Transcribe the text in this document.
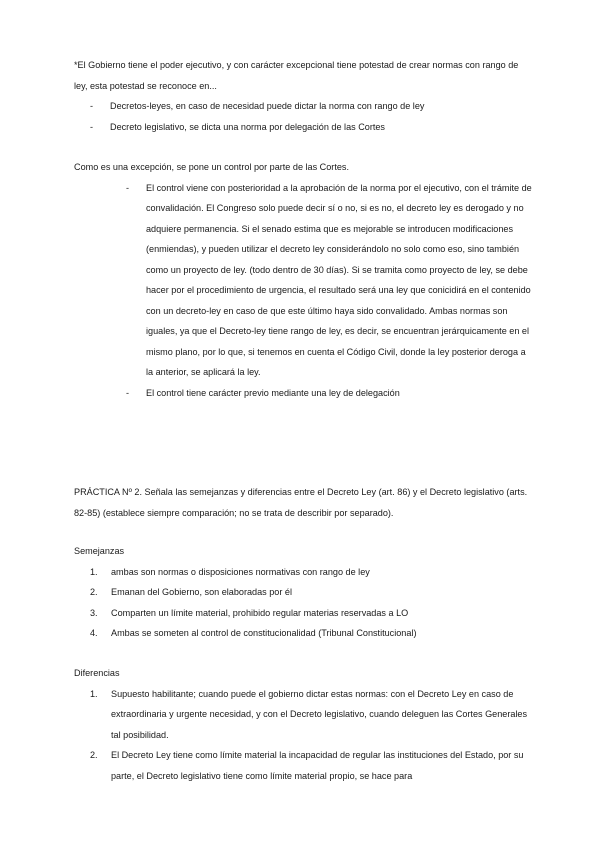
*El Gobierno tiene el poder ejecutivo, y con carácter excepcional tiene potestad de crear normas con rango de ley, esta potestad se reconoce en...

- Decretos-leyes, en caso de necesidad puede dictar la norma con rango de ley
- Decreto legislativo, se dicta una norma por delegación de las Cortes

Como es una excepción, se pone un control por parte de las Cortes.

- El control viene con posterioridad a la aprobación de la norma por el ejecutivo, con el trámite de convalidación. El Congreso solo puede decir sí o no, si es no, el decreto ley es derogado y no adquiere permanencia. Si el senado estima que es mejorable se introducen modificaciones (enmiendas), y pueden utilizar el decreto ley considerándolo no solo como eso, sino también como un proyecto de ley. (todo dentro de 30 días). Si se tramita como proyecto de ley, se debe hacer por el procedimiento de urgencia, el resultado será una ley que conicidirá en el contenido con un decreto-ley en caso de que este último haya sido convalidado. Ambas normas son iguales, ya que el Decreto-ley tiene rango de ley, es decir, se encuentran jerárquicamente en el mismo plano, por lo que, si tenemos en cuenta el Código Civil, donde la ley posterior deroga a la anterior, se aplicará la ley.
- El control tiene carácter previo mediante una ley de delegación

PRÁCTICA Nº 2. Señala las semejanzas y diferencias entre el Decreto Ley (art. 86) y el Decreto legislativo (arts. 82-85) (establece siempre comparación; no se trata de describir por separado).

Semejanzas

1. ambas son normas o disposiciones normativas con rango de ley
2. Emanan del Gobierno, son elaboradas por él
3. Comparten un límite material, prohibido regular materias reservadas a LO
4. Ambas se someten al control de constitucionalidad (Tribunal Constitucional)

Diferencias

1. Supuesto habilitante; cuando puede el gobierno dictar estas normas: con el Decreto Ley en caso de extraordinaria y urgente necesidad, y con el Decreto legislativo, cuando deleguen las Cortes Generales tal posibilidad.
2. El Decreto Ley tiene como límite material la incapacidad de regular las instituciones del Estado, por su parte, el Decreto legislativo tiene como límite material propio, se hace para
